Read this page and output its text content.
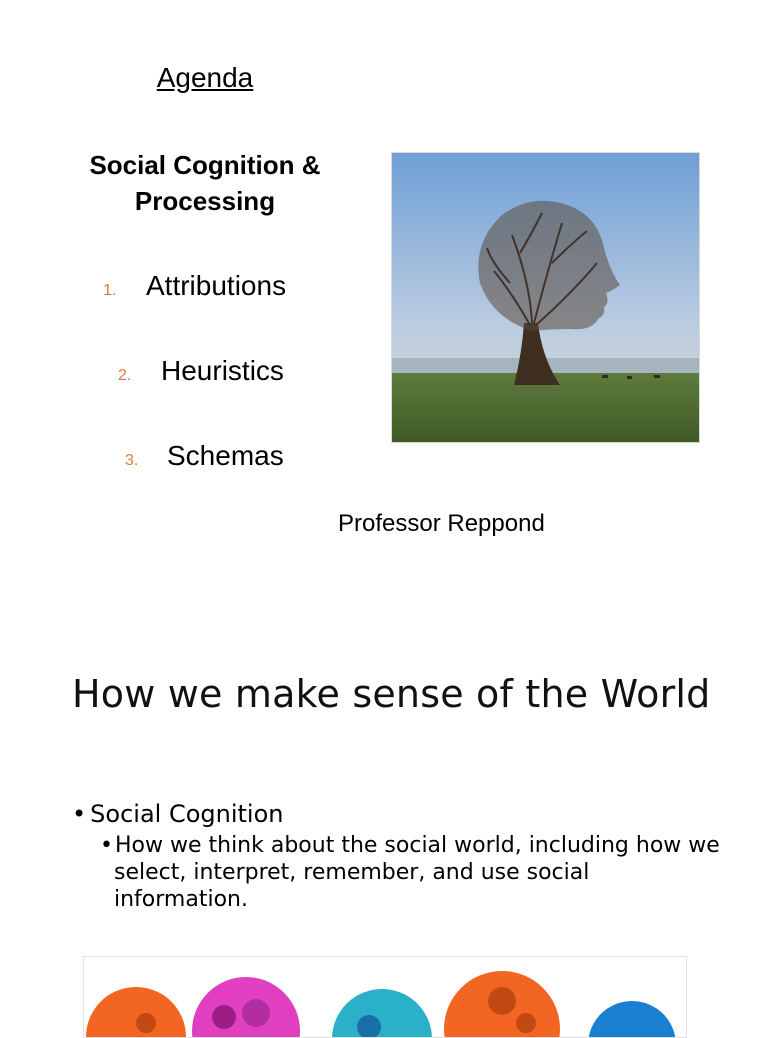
Agenda
Social Cognition & Processing
1. Attributions
2. Heuristics
3. Schemas
Professor Reppond
How we make sense of the World
• Social Cognition
• How we think about the social world, including how we select, interpret, remember, and use social information.
